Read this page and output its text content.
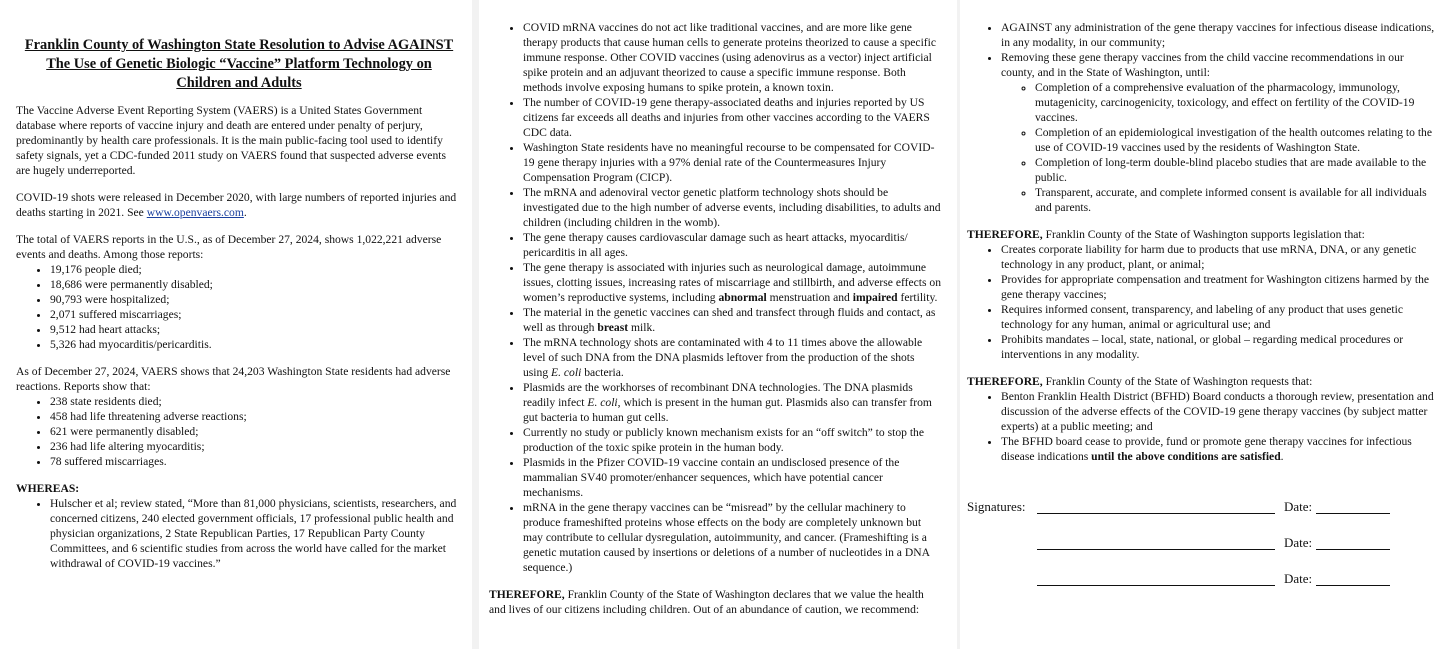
Franklin County of Washington State Resolution to Advise AGAINST The Use of Genetic Biologic “Vaccine” Platform Technology on Children and Adults

The Vaccine Adverse Event Reporting System (VAERS) is a United States Government database where reports of vaccine injury and death are entered under penalty of perjury, predominantly by health care professionals. It is the main public-facing tool used to identify safety signals, yet a CDC-funded 2011 study on VAERS found that suspected adverse events are hugely underreported.

COVID-19 shots were released in December 2020, with large numbers of reported injuries and deaths starting in 2021. See www.openvaers.com.

The total of VAERS reports in the U.S., as of December 27, 2024, shows 1,022,221 adverse events and deaths. Among those reports:

• 19,176 people died;
• 18,686 were permanently disabled;
• 90,793 were hospitalized;
• 2,071 suffered miscarriages;
• 9,512 had heart attacks;
• 5,326 had myocarditis/pericarditis.

As of December 27, 2024, VAERS shows that 24,203 Washington State residents had adverse reactions. Reports show that:

• 238 state residents died;
• 458 had life threatening adverse reactions;
• 621 were permanently disabled;
• 236 had life altering myocarditis;
• 78 suffered miscarriages.

WHEREAS:

• Hulscher et al; review stated, “More than 81,000 physicians, scientists, researchers, and concerned citizens, 240 elected government officials, 17 professional public health and physician organizations, 2 State Republican Parties, 17 Republican Party County Committees, and 6 scientific studies from across the world have called for the market withdrawal of COVID-19 vaccines.”
• COVID mRNA vaccines do not act like traditional vaccines, and are more like gene therapy products that cause human cells to generate proteins theorized to cause a specific immune response. Other COVID vaccines (using adenovirus as a vector) inject artificial spike protein and an adjuvant theorized to cause a specific immune response. Both methods involve exposing humans to spike protein, a known toxin.
• The number of COVID-19 gene therapy-associated deaths and injuries reported by US citizens far exceeds all deaths and injuries from other vaccines according to the VAERS CDC data.
• Washington State residents have no meaningful recourse to be compensated for COVID-19 gene therapy injuries with a 97% denial rate of the Countermeasures Injury Compensation Program (CICP).
• The mRNA and adenoviral vector genetic platform technology shots should be investigated due to the high number of adverse events, including disabilities, to adults and children (including children in the womb).
• The gene therapy causes cardiovascular damage such as heart attacks, myocarditis/ pericarditis in all ages.
• The gene therapy is associated with injuries such as neurological damage, autoimmune issues, clotting issues, increasing rates of miscarriage and stillbirth, and adverse effects on women’s reproductive systems, including abnormal menstruation and impaired fertility.
• The material in the genetic vaccines can shed and transfect through fluids and contact, as well as through breast milk.
• The mRNA technology shots are contaminated with 4 to 11 times above the allowable level of such DNA from the DNA plasmids leftover from the production of the shots using E. coli bacteria.
• Plasmids are the workhorses of recombinant DNA technologies. The DNA plasmids readily infect E. coli, which is present in the human gut. Plasmids also can transfer from gut bacteria to human gut cells.
• Currently no study or publicly known mechanism exists for an “off switch” to stop the production of the toxic spike protein in the human body.
• Plasmids in the Pfizer COVID-19 vaccine contain an undisclosed presence of the mammalian SV40 promoter/enhancer sequences, which have potential cancer mechanisms.
• mRNA in the gene therapy vaccines can be “misread” by the cellular machinery to produce frameshifted proteins whose effects on the body are completely unknown but may contribute to cellular dysregulation, autoimmunity, and cancer. (Frameshifting is a genetic mutation caused by insertions or deletions of a number of nucleotides in a DNA sequence.)

THEREFORE, Franklin County of the State of Washington declares that we value the health and lives of our citizens including children. Out of an abundance of caution, we recommend:

• AGAINST any administration of the gene therapy vaccines for infectious disease indications, in any modality, in our community;
• Removing these gene therapy vaccines from the child vaccine recommendations in our county, and in the State of Washington, until:
◦ Completion of a comprehensive evaluation of the pharmacology, immunology, mutagenicity, carcinogenicity, toxicology, and effect on fertility of the COVID-19 vaccines.
◦ Completion of an epidemiological investigation of the health outcomes relating to the use of COVID-19 vaccines used by the residents of Washington State.
◦ Completion of long-term double-blind placebo studies that are made available to the public.
◦ Transparent, accurate, and complete informed consent is available for all individuals and parents.

THEREFORE, Franklin County of the State of Washington supports legislation that:

• Creates corporate liability for harm due to products that use mRNA, DNA, or any genetic technology in any product, plant, or animal;
• Provides for appropriate compensation and treatment for Washington citizens harmed by the gene therapy vaccines;
• Requires informed consent, transparency, and labeling of any product that uses genetic technology for any human, animal or agricultural use; and
• Prohibits mandates – local, state, national, or global – regarding medical procedures or interventions in any modality.

THEREFORE, Franklin County of the State of Washington requests that:

• Benton Franklin Health District (BFHD) Board conducts a thorough review, presentation and discussion of the adverse effects of the COVID-19 gene therapy vaccines (by subject matter experts) at a public meeting; and
• The BFHD board cease to provide, fund or promote gene therapy vaccines for infectious disease indications until the above conditions are satisfied.
Signatures:	Date:
Date:
Date:
